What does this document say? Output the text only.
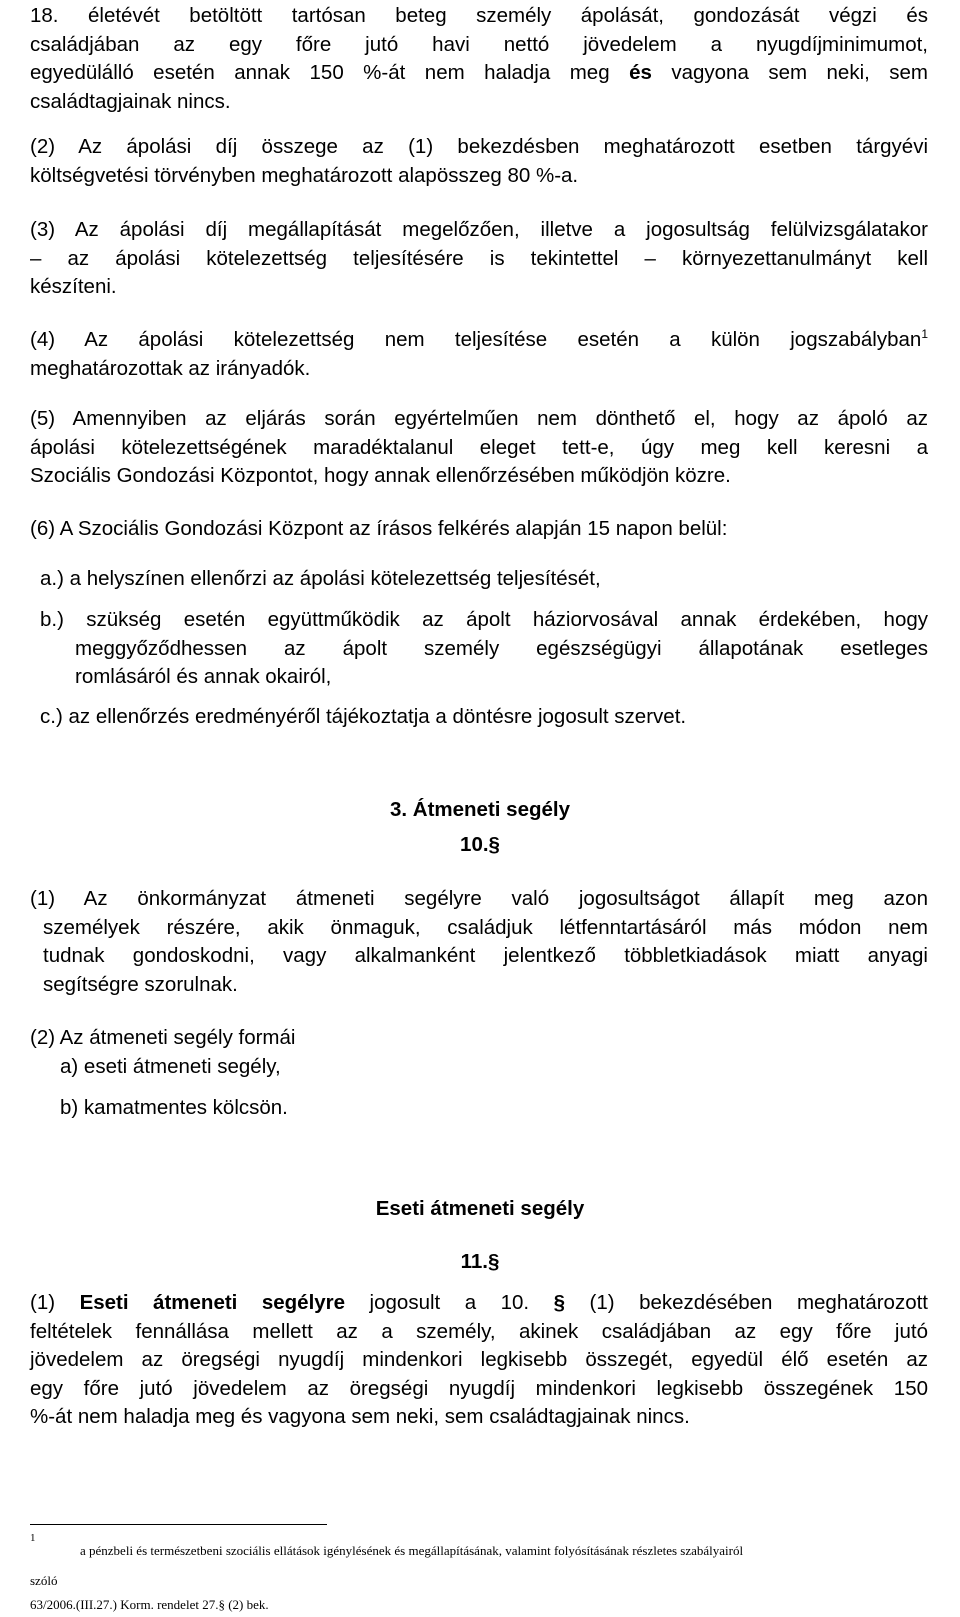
18. életévét betöltött tartósan beteg személy ápolását, gondozását végzi és
családjában az egy főre jutó havi nettó jövedelem a nyugdíjminimumot,
egyedülálló esetén annak 150 %-át nem haladja meg és vagyona sem neki, sem
családtagjainak nincs.
(2) Az ápolási díj összege az (1) bekezdésben meghatározott esetben tárgyévi
költségvetési törvényben meghatározott alapösszeg 80 %-a.
(3) Az ápolási díj megállapítását megelőzően, illetve a jogosultság felülvizsgálatakor
– az ápolási kötelezettség teljesítésére is tekintettel – környezettanulmányt kell
készíteni.
(4) Az ápolási kötelezettség nem teljesítése esetén a külön jogszabályban$^1$
meghatározottak az irányadók.
(5) Amennyiben az eljárás során egyértelműen nem dönthető el, hogy az ápoló az
ápolási kötelezettségének maradéktalanul eleget tett-e, úgy meg kell keresni a
Szociális Gondozási Központot, hogy annak ellenőrzésében működjön közre.
(6) A Szociális Gondozási Központ az írásos felkérés alapján 15 napon belül:
a.) a helyszínen ellenőrzi az ápolási kötelezettség teljesítését,
b.) szükség esetén együttműködik az ápolt háziorvosával annak érdekében, hogy
meggyőződhessen az ápolt személy egészségügyi állapotának esetleges
romlásáról és annak okairól,
c.) az ellenőrzés eredményéről tájékoztatja a döntésre jogosult szervet.
3. Átmeneti segély
10.§
(1) Az önkormányzat átmeneti segélyre való jogosultságot állapít meg azon
személyek részére, akik önmaguk, családjuk létfenntartásáról más módon nem
tudnak gondoskodni, vagy alkalmanként jelentkező többletkiadások miatt anyagi
segítségre szorulnak.
(2) Az átmeneti segély formái
a) eseti átmeneti segély,
b) kamatmentes kölcsön.
Eseti átmeneti segély
11.§
(1) Eseti átmeneti segélyre jogosult a 10. § (1) bekezdésében meghatározott
feltételek fennállása mellett az a személy, akinek családjában az egy főre jutó
jövedelem az öregségi nyugdíj mindenkori legkisebb összegét, egyedül élő esetén az
egy főre jutó jövedelem az öregségi nyugdíj mindenkori legkisebb összegének 150
%-át nem haladja meg és vagyona sem neki, sem családtagjainak nincs.
1
a pénzbeli és természetbeni szociális ellátások igénylésének és megállapításának, valamint folyósításának részletes szabályairól
szóló
63/2006.(III.27.) Korm. rendelet 27.§ (2) bek.
